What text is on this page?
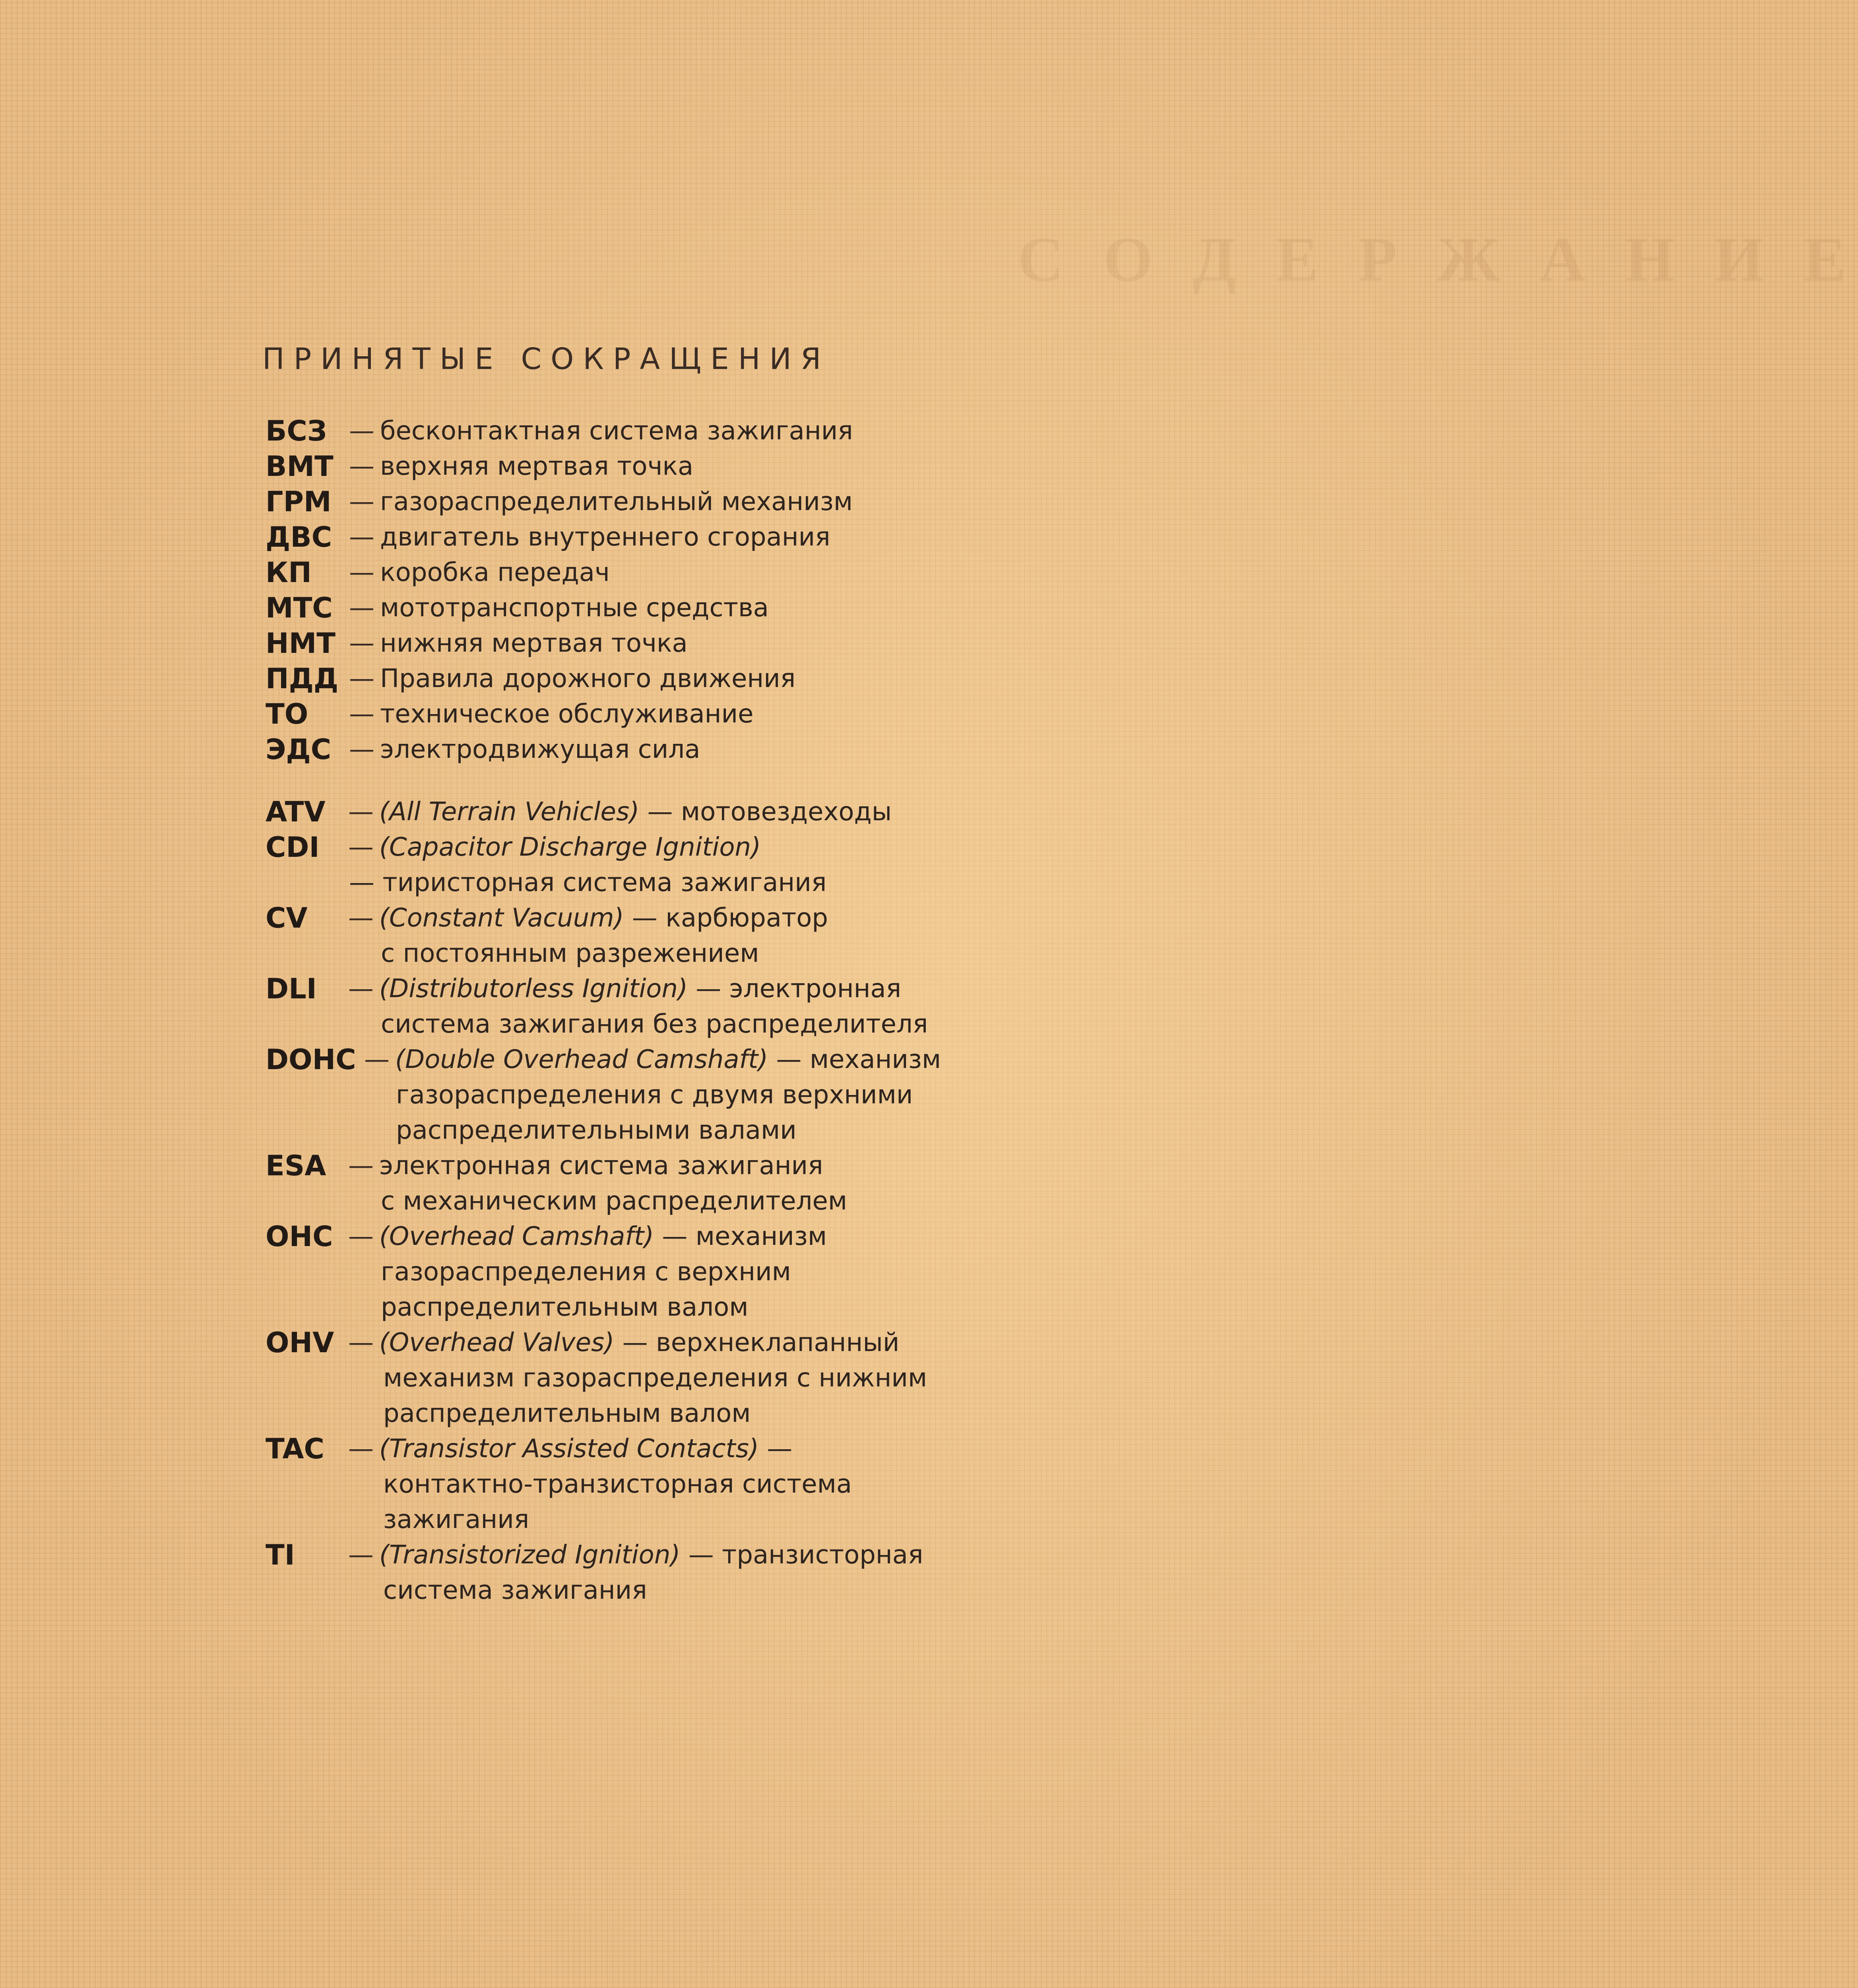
С О Д Е Р Ж А Н И Е
ПРИНЯТЫЕ СОКРАЩЕНИЯ
БСЗ — бесконтактная система зажигания
ВМТ — верхняя мертвая точка
ГРМ — газораспределительный механизм
ДВС — двигатель внутреннего сгорания
КП — коробка передач
МТС — мототранспортные средства
НМТ — нижняя мертвая точка
ПДД — Правила дорожного движения
ТО — техническое обслуживание
ЭДС — электродвижущая сила
ATV — (All Terrain Vehicles) — мотовездеходы
CDI — (Capacitor Discharge Ignition)
— тиристорная система зажигания
CV — (Constant Vacuum) — карбюратор
с постоянным разрежением
DLI — (Distributorless Ignition) — электронная
система зажигания без распределителя
DOHC — (Double Overhead Camshaft) — механизм
газораспределения с двумя верхними
распределительными валами
ESA — электронная система зажигания
с механическим распределителем
OHC — (Overhead Camshaft) — механизм
газораспределения с верхним
распределительным валом
OHV — (Overhead Valves) — верхнеклапанный
механизм газораспределения с нижним
распределительным валом
TAC — (Transistor Assisted Contacts) —
контактно-транзисторная система
зажигания
TI — (Transistorized Ignition) — транзисторная
система зажигания
